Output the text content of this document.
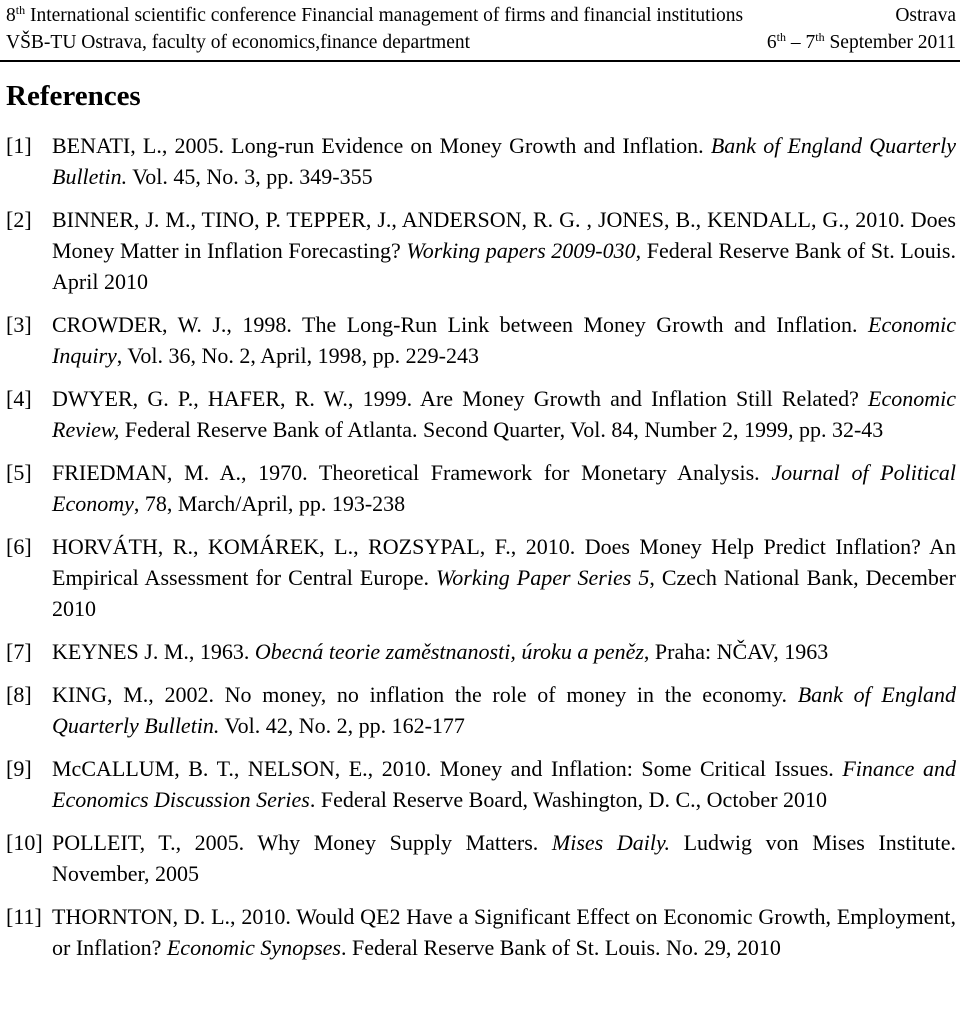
8th International scientific conference Financial management of firms and financial institutions	Ostrava
VŠB-TU Ostrava, faculty of economics,finance department	6th – 7th September 2011
References
[1] BENATI, L., 2005. Long-run Evidence on Money Growth and Inflation. Bank of England Quarterly Bulletin. Vol. 45, No. 3, pp. 349-355
[2] BINNER, J. M., TINO, P. TEPPER, J., ANDERSON, R. G. , JONES, B., KENDALL, G., 2010. Does Money Matter in Inflation Forecasting? Working papers 2009-030, Federal Reserve Bank of St. Louis. April 2010
[3] CROWDER, W. J., 1998. The Long-Run Link between Money Growth and Inflation. Economic Inquiry, Vol. 36, No. 2, April, 1998, pp. 229-243
[4] DWYER, G. P., HAFER, R. W., 1999. Are Money Growth and Inflation Still Related? Economic Review, Federal Reserve Bank of Atlanta. Second Quarter, Vol. 84, Number 2, 1999, pp. 32-43
[5] FRIEDMAN, M. A., 1970. Theoretical Framework for Monetary Analysis. Journal of Political Economy, 78, March/April, pp. 193-238
[6] HORVÁTH, R., KOMÁREK, L., ROZSYPAL, F., 2010. Does Money Help Predict Inflation? An Empirical Assessment for Central Europe. Working Paper Series 5, Czech National Bank, December 2010
[7] KEYNES J. M., 1963. Obecná teorie zaměstnanosti, úroku a peněz, Praha: NČAV, 1963
[8] KING, M., 2002. No money, no inflation the role of money in the economy. Bank of England Quarterly Bulletin. Vol. 42, No. 2, pp. 162-177
[9] McCALLUM, B. T., NELSON, E., 2010. Money and Inflation: Some Critical Issues. Finance and Economics Discussion Series. Federal Reserve Board, Washington, D. C., October 2010
[10] POLLEIT, T., 2005. Why Money Supply Matters. Mises Daily. Ludwig von Mises Institute. November, 2005
[11] THORNTON, D. L., 2010. Would QE2 Have a Significant Effect on Economic Growth, Employment, or Inflation? Economic Synopses. Federal Reserve Bank of St. Louis. No. 29, 2010
